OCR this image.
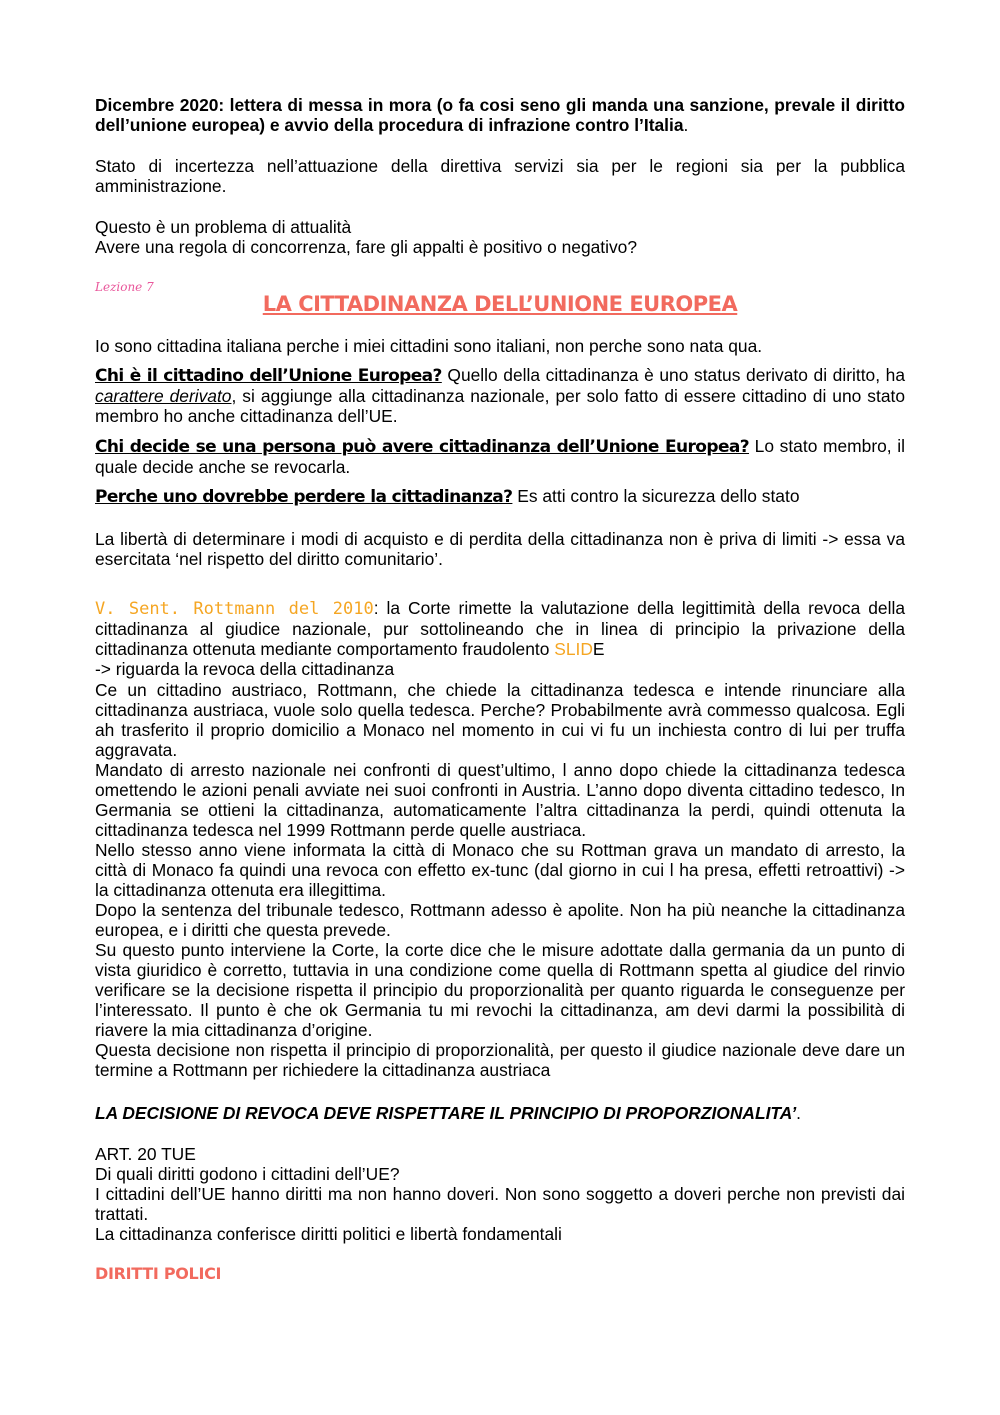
Dicembre 2020: lettera di messa in mora (o fa cosi seno gli manda una sanzione, prevale il diritto dell’unione europea) e avvio della procedura di infrazione contro l’Italia.

Stato di incertezza nell’attuazione della direttiva servizi sia per le regioni sia per la pubblica amministrazione.

Questo è un problema di attualità
Avere una regola di concorrenza, fare gli appalti è positivo o negativo?

Lezione 7
LA CITTADINANZA DELL’UNIONE EUROPEA

Io sono cittadina italiana perche i miei cittadini sono italiani, non perche sono nata qua.

Chi è il cittadino dell’Unione Europea? Quello della cittadinanza è uno status derivato di diritto, ha carattere derivato, si aggiunge alla cittadinanza nazionale, per solo fatto di essere cittadino di uno stato membro ho anche cittadinanza dell’UE.

Chi decide se una persona può avere cittadinanza dell’Unione Europea? Lo stato membro, il quale decide anche se revocarla.

Perche uno dovrebbe perdere la cittadinanza? Es atti contro la sicurezza dello stato

La libertà di determinare i modi di acquisto e di perdita della cittadinanza non è priva di limiti -> essa va esercitata ‘nel rispetto del diritto comunitario’.

V. Sent. Rottmann del 2010: la Corte rimette la valutazione della legittimità della revoca della cittadinanza al giudice nazionale, pur sottolineando che in linea di principio la privazione della cittadinanza ottenuta mediante comportamento fraudolento SLIDE
-> riguarda la revoca della cittadinanza

Ce un cittadino austriaco, Rottmann, che chiede la cittadinanza tedesca e intende rinunciare alla cittadinanza austriaca, vuole solo quella tedesca. Perche? Probabilmente avrà commesso qualcosa. Egli ah trasferito il proprio domicilio a Monaco nel momento in cui vi fu un inchiesta contro di lui per truffa aggravata.
Mandato di arresto nazionale nei confronti di quest’ultimo, l anno dopo chiede la cittadinanza tedesca omettendo le azioni penali avviate nei suoi confronti in Austria. L’anno dopo diventa cittadino tedesco, In Germania se ottieni la cittadinanza, automaticamente l’altra cittadinanza la perdi, quindi ottenuta la cittadinanza tedesca nel 1999 Rottmann perde quelle austriaca.
Nello stesso anno viene informata la città di Monaco che su Rottman grava un mandato di arresto, la città di Monaco fa quindi una revoca con effetto ex-tunc (dal giorno in cui l ha presa, effetti retroattivi) -> la cittadinanza ottenuta era illegittima.
Dopo la sentenza del tribunale tedesco, Rottmann adesso è apolite. Non ha più neanche la cittadinanza europea, e i diritti che questa prevede.
Su questo punto interviene la Corte, la corte dice che le misure adottate dalla germania da un punto di vista giuridico è corretto, tuttavia in una condizione come quella di Rottmann spetta al giudice del rinvio verificare se la decisione rispetta il principio du proporzionalità per quanto riguarda le conseguenze per l’interessato. Il punto è che ok Germania tu mi revochi la cittadinanza, am devi darmi la possibilità di riavere la mia cittadinanza d’origine.
Questa decisione non rispetta il principio di proporzionalità, per questo il giudice nazionale deve dare un termine a Rottmann per richiedere la cittadinanza austriaca

LA DECISIONE DI REVOCA DEVE RISPETTARE IL PRINCIPIO DI PROPORZIONALITA’.

ART. 20 TUE
Di quali diritti godono i cittadini dell’UE?
I cittadini dell’UE hanno diritti ma non hanno doveri. Non sono soggetto a doveri perche non previsti dai trattati.
La cittadinanza conferisce diritti politici e libertà fondamentali
DIRITTI POLICI
